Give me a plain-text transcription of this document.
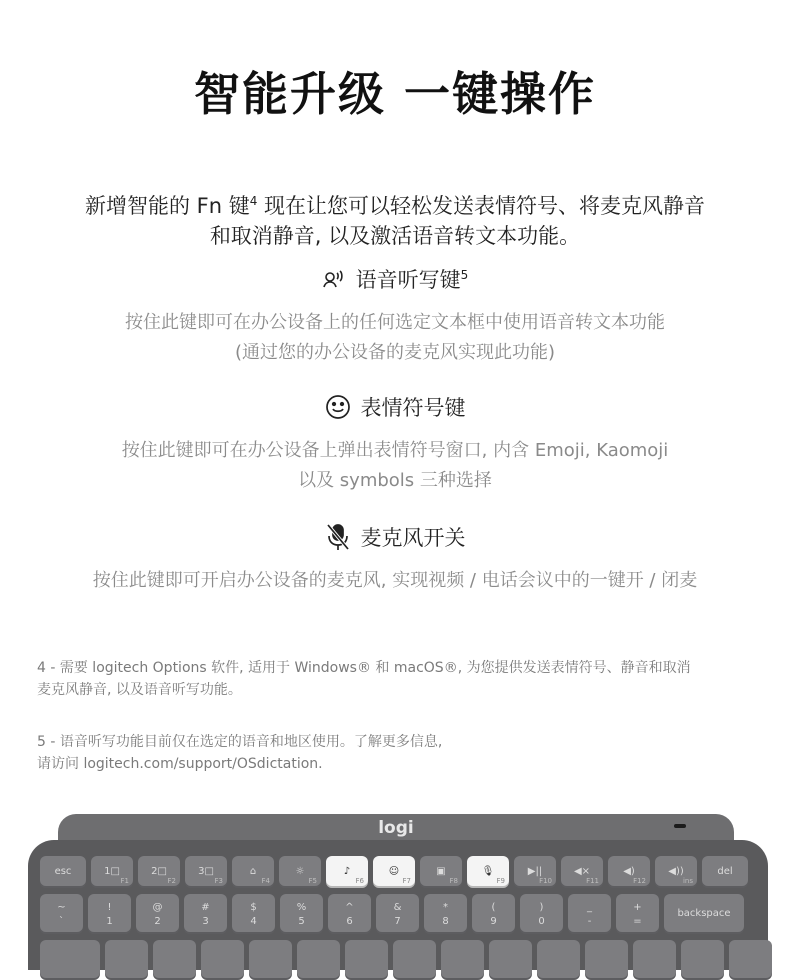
智能升级 一键操作
新增智能的 Fn 键$^4$ 现在让您可以轻松发送表情符号、将麦克风静音
和取消静音, 以及激活语音转文本功能。
语音听写键$^5$
按住此键即可在办公设备上的任何选定文本框中使用语音转文本功能
(通过您的办公设备的麦克风实现此功能)
表情符号键
按住此键即可在办公设备上弹出表情符号窗口, 内含 Emoji, Kaomoji
以及 symbols 三种选择
麦克风开关
按住此键即可开启办公设备的麦克风, 实现视频 / 电话会议中的一键开 / 闭麦
4 - 需要 logitech Options 软件, 适用于 Windows® 和 macOS®, 为您提供发送表情符号、静音和取消
麦克风静音, 以及语音听写功能。
5 - 语音听写功能目前仅在选定的语音和地区使用。了解更多信息,
请访问 logitech.com/support/OSdictation.
logi
esc	1□
F1
2□
F2
3□
F3
⌂
F4
☼
F5
♪
F6
☺
F7
▣
F8
🎙
F9
▶||
F10
◀×
F11
◀)
F12
◀))
ins
del
~
`
!
1
@
2
#
3
$
4
%
5
^
6
&
7
*
8
(
9
)
0
_
-
+
=
backspace
